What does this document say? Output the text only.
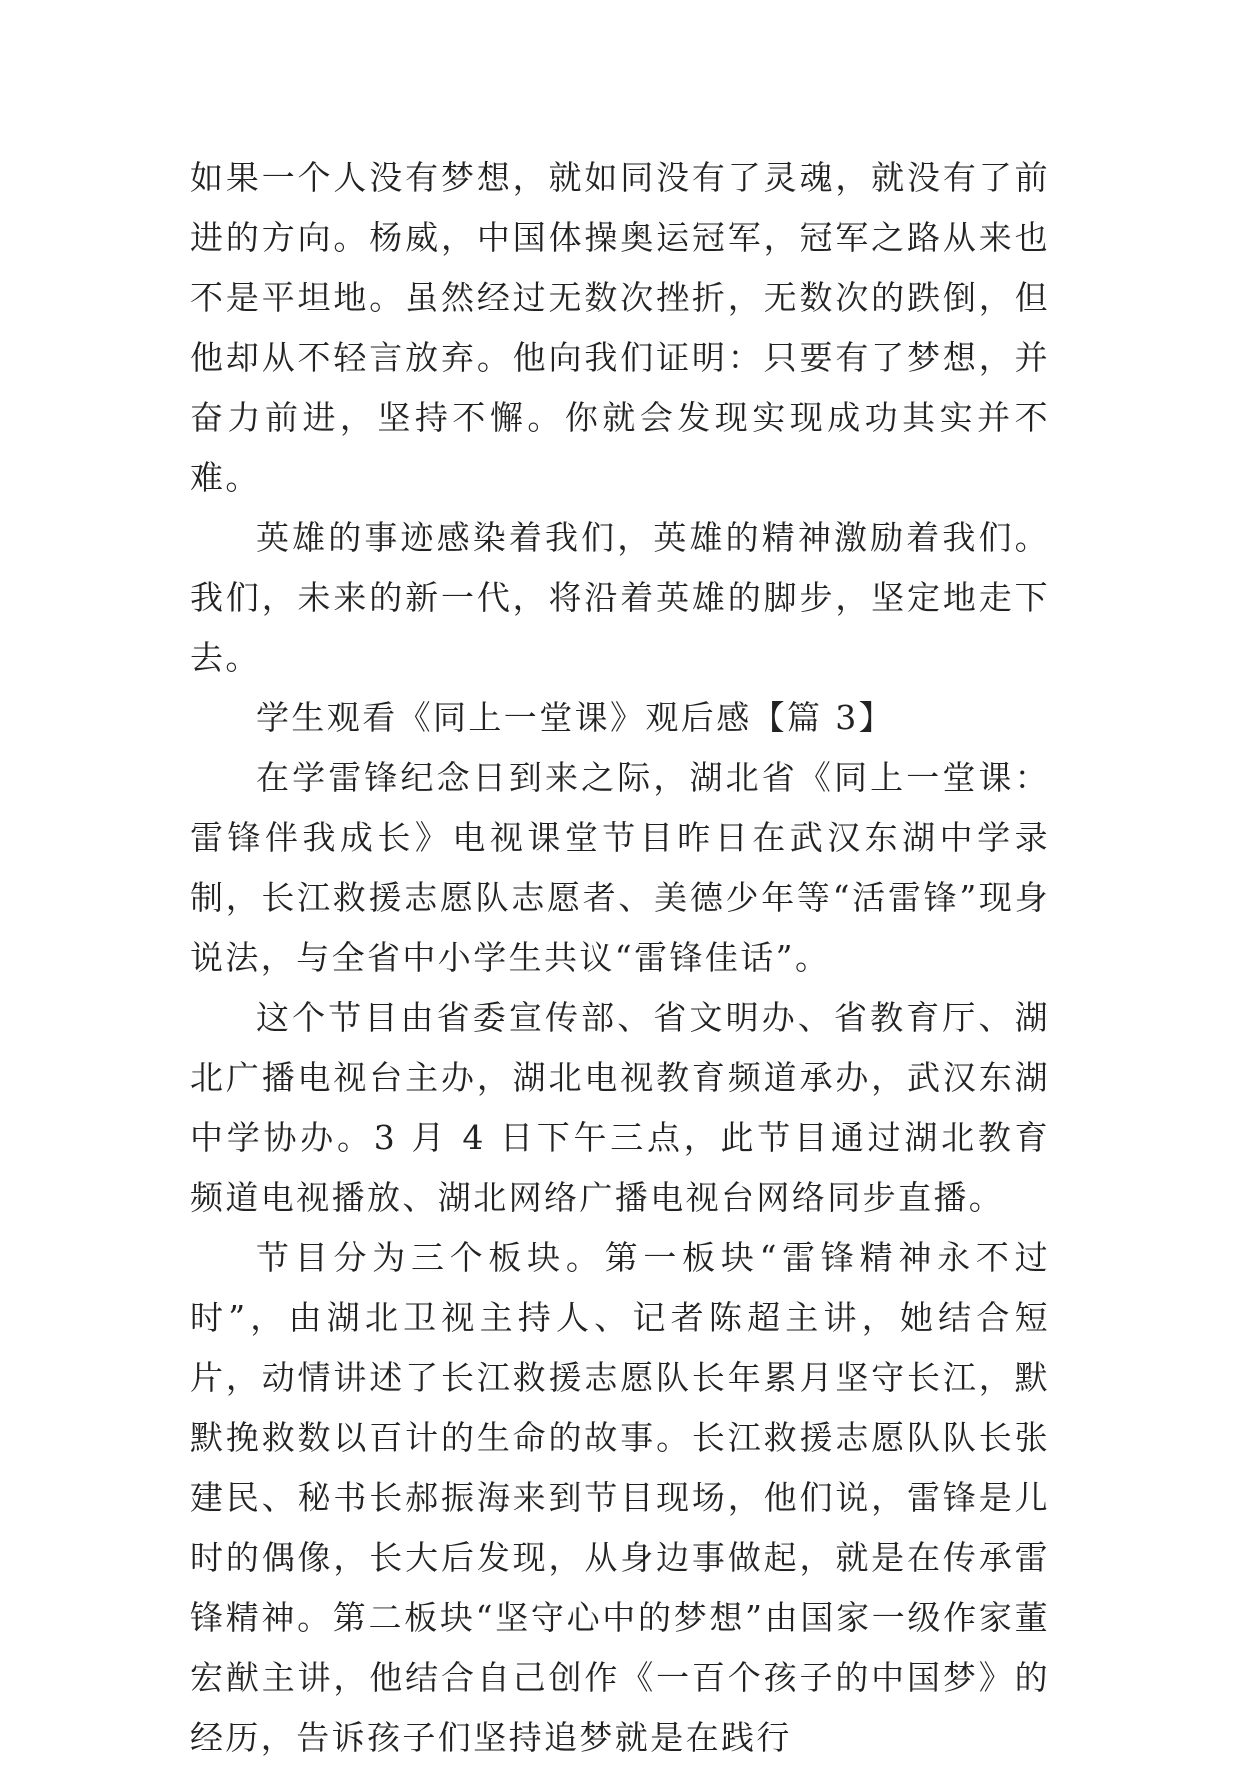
如果一个人没有梦想，就如同没有了灵魂，就没有了前进的方向。杨威，中国体操奥运冠军，冠军之路从来也不是平坦地。虽然经过无数次挫折，无数次的跌倒，但他却从不轻言放弃。他向我们证明：只要有了梦想，并奋力前进，坚持不懈。你就会发现实现成功其实并不难。

英雄的事迹感染着我们，英雄的精神激励着我们。我们，未来的新一代，将沿着英雄的脚步，坚定地走下去。

学生观看《同上一堂课》观后感【篇 3】

在学雷锋纪念日到来之际，湖北省《同上一堂课：雷锋伴我成长》电视课堂节目昨日在武汉东湖中学录制，长江救援志愿队志愿者、美德少年等“活雷锋”现身说法，与全省中小学生共议“雷锋佳话”。

这个节目由省委宣传部、省文明办、省教育厅、湖北广播电视台主办，湖北电视教育频道承办，武汉东湖中学协办。3 月 4 日下午三点，此节目通过湖北教育频道电视播放、湖北网络广播电视台网络同步直播。

节目分为三个板块。第一板块“雷锋精神永不过时”，由湖北卫视主持人、记者陈超主讲，她结合短片，动情讲述了长江救援志愿队长年累月坚守长江，默默挽救数以百计的生命的故事。长江救援志愿队队长张建民、秘书长郝振海来到节目现场，他们说，雷锋是儿时的偶像，长大后发现，从身边事做起，就是在传承雷锋精神。第二板块“坚守心中的梦想”由国家一级作家董宏猷主讲，他结合自己创作《一百个孩子的中国梦》的经历，告诉孩子们坚持追梦就是在践行
